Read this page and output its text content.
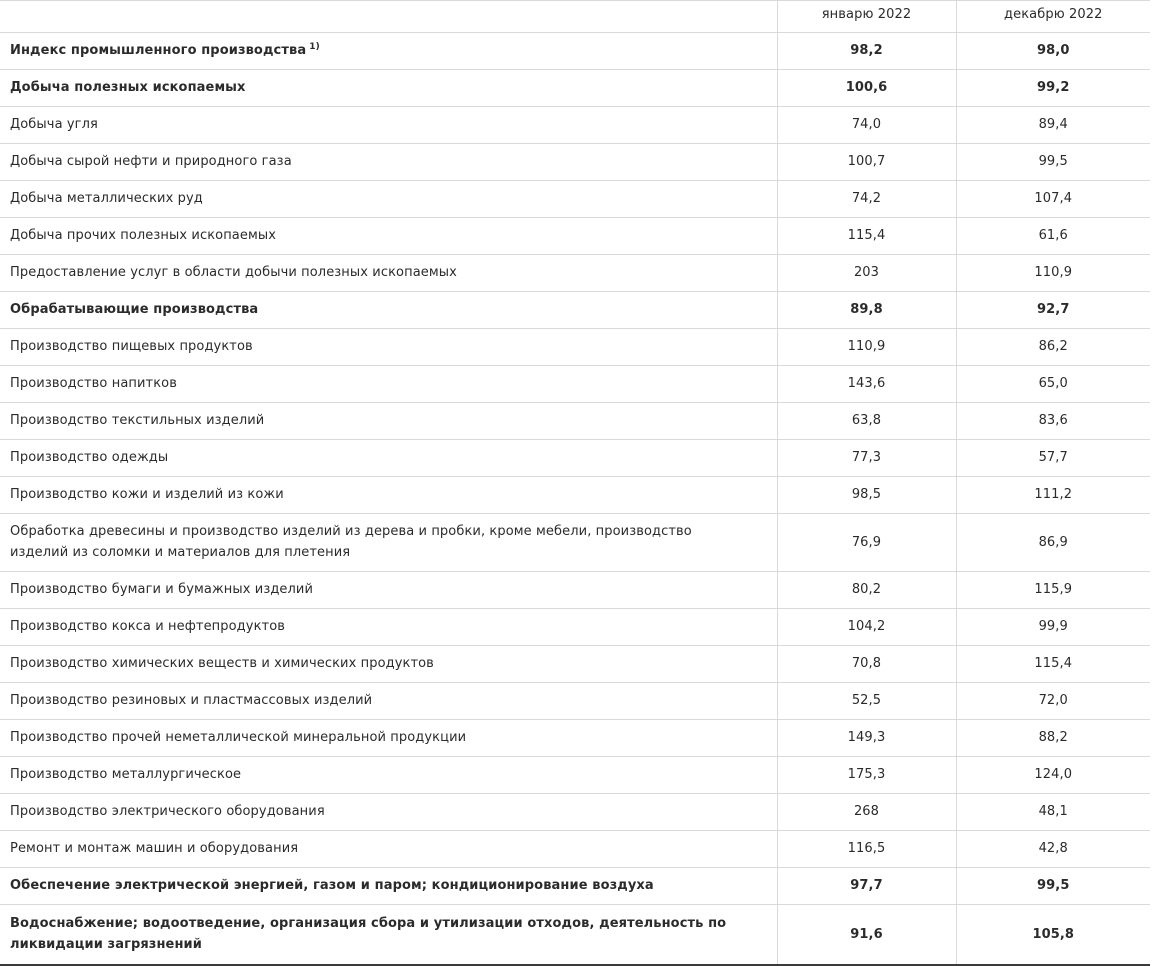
	январю 2022	декабрю 2022
Индекс промышленного производства $^{1)}$	98,2	98,0
Добыча полезных ископаемых	100,6	99,2
Добыча угля	74,0	89,4
Добыча сырой нефти и природного газа	100,7	99,5
Добыча металлических руд	74,2	107,4
Добыча прочих полезных ископаемых	115,4	61,6
Предоставление услуг в области добычи полезных ископаемых	203	110,9
Обрабатывающие производства	89,8	92,7
Производство пищевых продуктов	110,9	86,2
Производство напитков	143,6	65,0
Производство текстильных изделий	63,8	83,6
Производство одежды	77,3	57,7
Производство кожи и изделий из кожи	98,5	111,2
Обработка древесины и производство изделий из дерева и пробки, кроме мебели, производство изделий из соломки и материалов для плетения	76,9	86,9
Производство бумаги и бумажных изделий	80,2	115,9
Производство кокса и нефтепродуктов	104,2	99,9
Производство химических веществ и химических продуктов	70,8	115,4
Производство резиновых и пластмассовых изделий	52,5	72,0
Производство прочей неметаллической минеральной продукции	149,3	88,2
Производство металлургическое	175,3	124,0
Производство электрического оборудования	268	48,1
Ремонт и монтаж машин и оборудования	116,5	42,8
Обеспечение электрической энергией, газом и паром; кондиционирование воздуха	97,7	99,5
Водоснабжение; водоотведение, организация сбора и утилизации отходов, деятельность по ликвидации загрязнений	91,6	105,8
